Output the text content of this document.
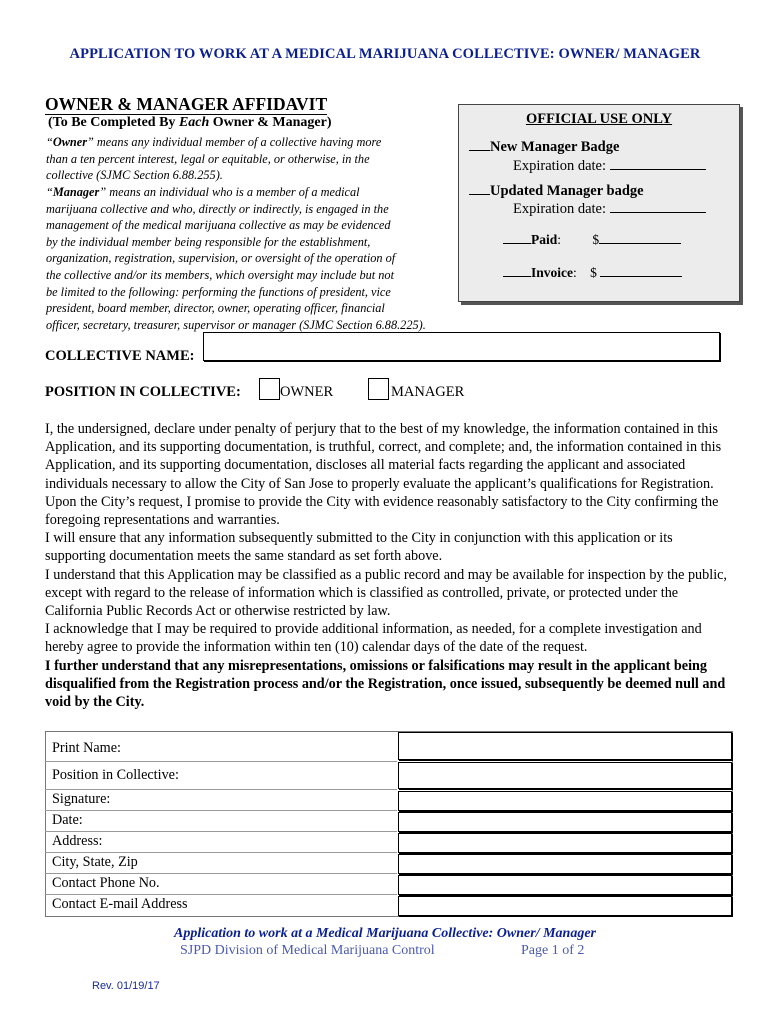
APPLICATION TO WORK AT A MEDICAL MARIJUANA COLLECTIVE: OWNER/ MANAGER
OWNER & MANAGER AFFIDAVIT
(To Be Completed By Each Owner & Manager)
“Owner” means any individual member of a collective having more
than a ten percent interest, legal or equitable, or otherwise, in the
collective (SJMC Section 6.88.255).
“Manager” means an individual who is a member of a medical
marijuana collective and who, directly or indirectly, is engaged in the
management of the medical marijuana collective as may be evidenced
by the individual member being responsible for the establishment,
organization, registration, supervision, or oversight of the operation of
the collective and/or its members, which oversight may include but not
be limited to the following: performing the functions of president, vice
president, board member, director, owner, operating officer, financial
officer, secretary, treasurer, supervisor or manager (SJMC Section 6.88.225).
OFFICIAL USE ONLY
New Manager Badge
Expiration date:
Updated Manager badge
Expiration date:
Paid: $
Invoice: $
COLLECTIVE NAME:
POSITION IN COLLECTIVE:	OWNER	MANAGER

I, the undersigned, declare under penalty of perjury that to the best of my knowledge, the information contained in this Application, and its supporting documentation, is truthful, correct, and complete; and, the information contained in this Application, and its supporting documentation, discloses all material facts regarding the applicant and associated individuals necessary to allow the City of San Jose to properly evaluate the applicant’s qualifications for Registration.

Upon the City’s request, I promise to provide the City with evidence reasonably satisfactory to the City confirming the foregoing representations and warranties.

I will ensure that any information subsequently submitted to the City in conjunction with this application or its supporting documentation meets the same standard as set forth above.

I understand that this Application may be classified as a public record and may be available for inspection by the public, except with regard to the release of information which is classified as controlled, private, or protected under the California Public Records Act or otherwise restricted by law.

I acknowledge that I may be required to provide additional information, as needed, for a complete investigation and hereby agree to provide the information within ten (10) calendar days of the date of the request.

I further understand that any misrepresentations, omissions or falsifications may result in the applicant being disqualified from the Registration process and/or the Registration, once issued, subsequently be deemed null and void by the City.

Print Name:
Position in Collective:
Signature:
Date:
Address:
City, State, Zip
Contact Phone No.
Contact E-mail Address
Application to work at a Medical Marijuana Collective: Owner/ Manager
SJPD Division of Medical Marijuana Control	Page 1 of 2
Rev. 01/19/17
